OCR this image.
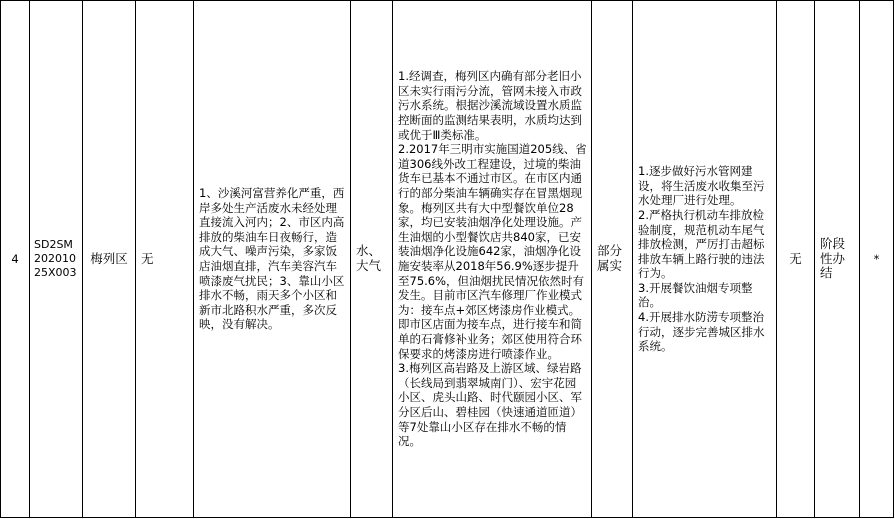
4	SD2SM20201025X003	梅列区	无	1、沙溪河富营养化严重，西岸多处生产活废水未经处理直接流入河内；2、市区内高排放的柴油车日夜畅行，造成大气、噪声污染，多家饭店油烟直排，汽车美容汽车喷漆废气扰民；3、靠山小区排水不畅，雨天多个小区和新市北路积水严重，多次反映，没有解决。	水、大气	1.经调查，梅列区内确有部分老旧小区未实行雨污分流，管网未接入市政污水系统。根据沙溪流域设置水质监控断面的监测结果表明，水质均达到或优于Ⅲ类标准。
2.2017年三明市实施国道205线、省道306线外改工程建设，过境的柴油货车已基本不通过市区。在市区内通行的部分柴油车辆确实存在冒黑烟现象。梅列区共有大中型餐饮单位28家，均已安装油烟净化处理设施。产生油烟的小型餐饮店共840家，已安装油烟净化设施642家，油烟净化设施安装率从2018年56.9%逐步提升至75.6%，但油烟扰民情况依然时有发生。目前市区汽车修理厂作业模式为：接车点+郊区烤漆房作业模式。即市区店面为接车点，进行接车和简单的石膏修补业务；郊区使用符合环保要求的烤漆房进行喷漆作业。
3.梅列区高岩路及上游区域、绿岩路（长线局到翡翠城南门）、宏宇花园小区、虎头山路、时代颐园小区、军分区后山、碧桂园（快速通道匝道）等7处靠山小区存在排水不畅的情况。	部分属实	1.逐步做好污水管网建设，将生活废水收集至污水处理厂进行处理。
2.严格执行机动车排放检验制度，规范机动车尾气排放检测，严厉打击超标排放车辆上路行驶的违法行为。
3.开展餐饮油烟专项整治。
4.开展排水防涝专项整治行动，逐步完善城区排水系统。	无	阶段性办结	*
